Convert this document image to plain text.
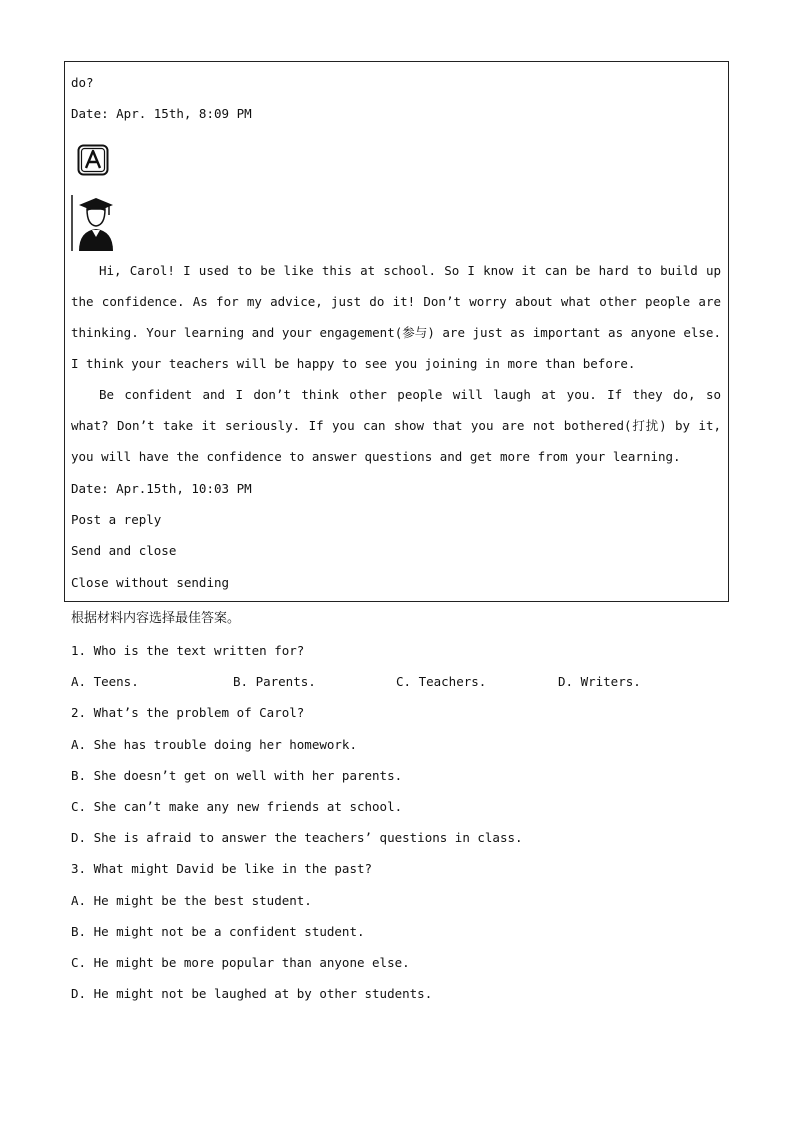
do?
Date: Apr. 15th, 8:09 PM
Hi, Carol! I used to be like this at school. So I know it can be hard to build up the confidence. As for my advice, just do it! Don’t worry about what other people are thinking. Your learning and your engagement(参与) are just as important as anyone else. I think your teachers will be happy to see you joining in more than before.
Be confident and I don’t think other people will laugh at you. If they do, so what? Don’t take it seriously. If you can show that you are not bothered(打扰) by it, you will have the confidence to answer questions and get more from your learning.
Date: Apr.15th, 10:03 PM
Post a reply
Send and close
Close without sending
根据材料内容选择最佳答案。
1. Who is the text written for?
A. Teens.	B. Parents.	C. Teachers.	D. Writers.
2. What’s the problem of Carol?
A. She has trouble doing her homework.
B. She doesn’t get on well with her parents.
C. She can’t make any new friends at school.
D. She is afraid to answer the teachers’ questions in class.
3. What might David be like in the past?
A. He might be the best student.
B. He might not be a confident student.
C. He might be more popular than anyone else.
D. He might not be laughed at by other students.
